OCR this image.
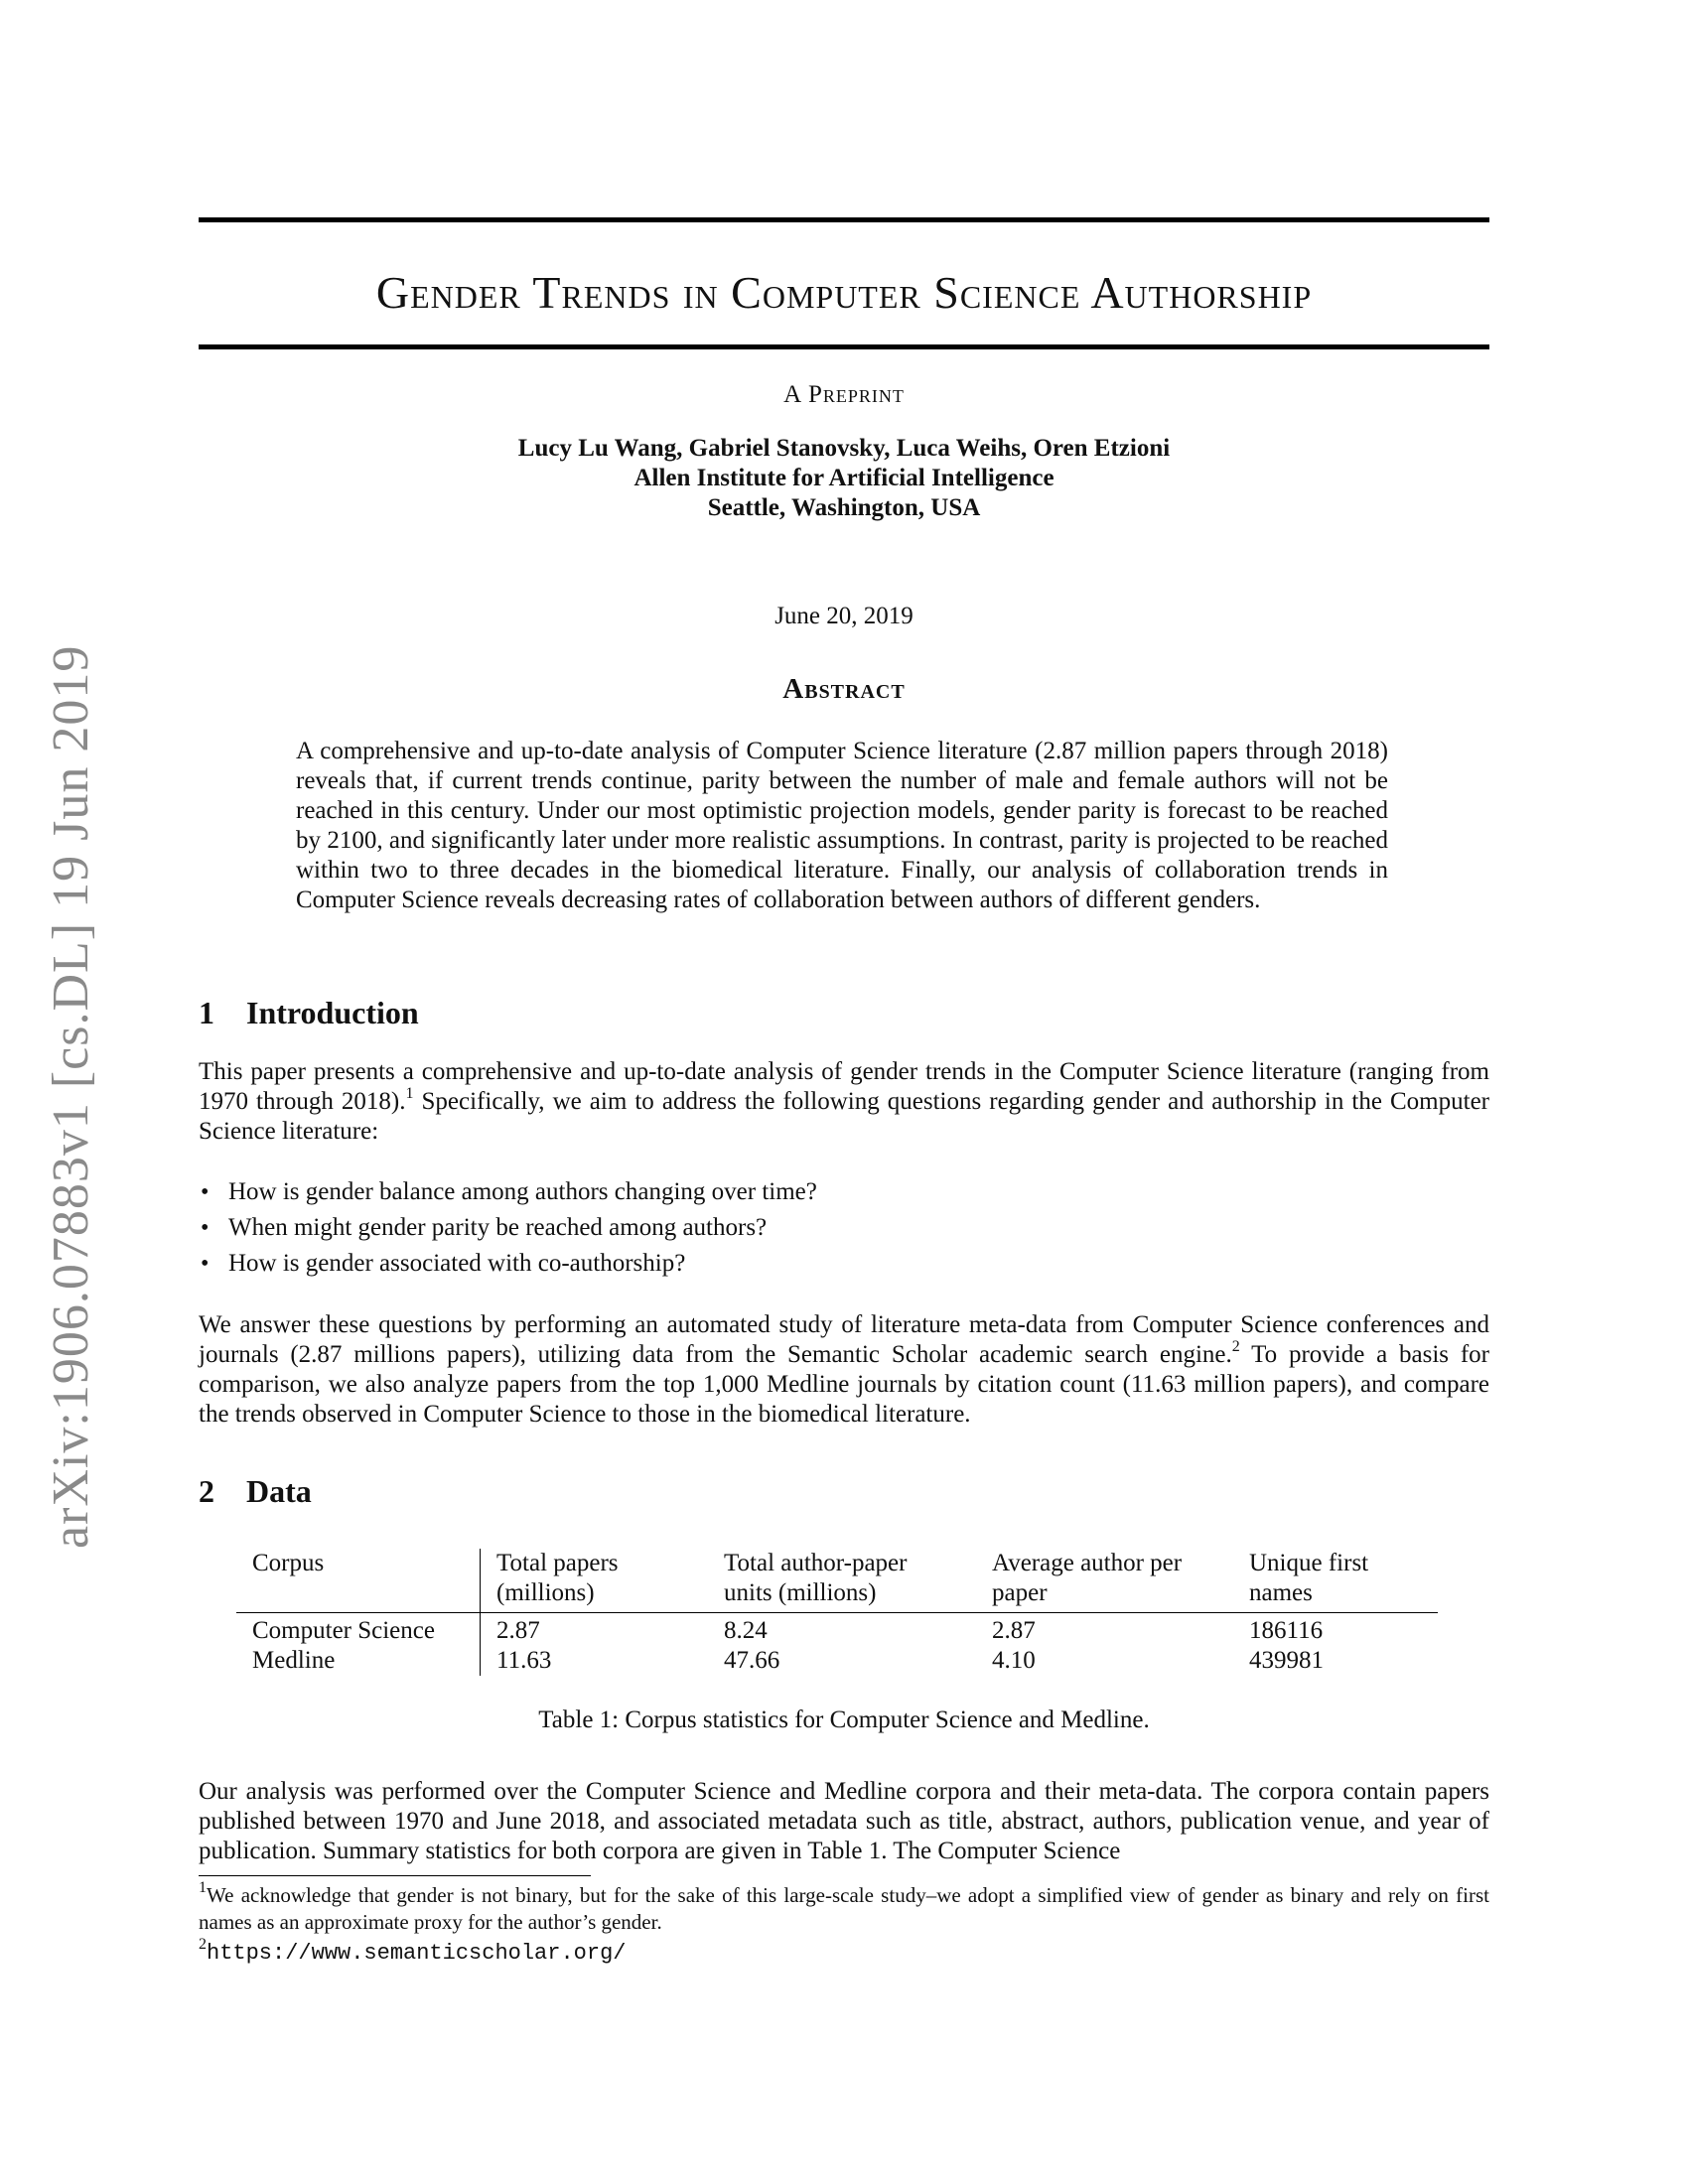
arXiv:1906.07883v1 [cs.DL] 19 Jun 2019
Gender Trends in Computer Science Authorship
A Preprint
Lucy Lu Wang, Gabriel Stanovsky, Luca Weihs, Oren Etzioni
Allen Institute for Artificial Intelligence
Seattle, Washington, USA
June 20, 2019
Abstract
A comprehensive and up-to-date analysis of Computer Science literature (2.87 million papers through 2018) reveals that, if current trends continue, parity between the number of male and female authors will not be reached in this century. Under our most optimistic projection models, gender parity is forecast to be reached by 2100, and significantly later under more realistic assumptions. In contrast, parity is projected to be reached within two to three decades in the biomedical literature. Finally, our analysis of collaboration trends in Computer Science reveals decreasing rates of collaboration between authors of different genders.
1 Introduction
This paper presents a comprehensive and up-to-date analysis of gender trends in the Computer Science literature (ranging from 1970 through 2018).$^1$ Specifically, we aim to address the following questions regarding gender and authorship in the Computer Science literature:
• How is gender balance among authors changing over time?
• When might gender parity be reached among authors?
• How is gender associated with co-authorship?
We answer these questions by performing an automated study of literature meta-data from Computer Science conferences and journals (2.87 millions papers), utilizing data from the Semantic Scholar academic search engine.$^2$ To provide a basis for comparison, we also analyze papers from the top 1,000 Medline journals by citation count (11.63 million papers), and compare the trends observed in Computer Science to those in the biomedical literature.
2 Data
Corpus	Total papers (millions)	Total author-paper units (millions)	Average author per paper	Unique first names
Computer Science	2.87	8.24	2.87	186116
Medline	11.63	47.66	4.10	439981
Table 1: Corpus statistics for Computer Science and Medline.
Our analysis was performed over the Computer Science and Medline corpora and their meta-data. The corpora contain papers published between 1970 and June 2018, and associated metadata such as title, abstract, authors, publication venue, and year of publication. Summary statistics for both corpora are given in Table 1. The Computer Science
$^1$We acknowledge that gender is not binary, but for the sake of this large-scale study–we adopt a simplified view of gender as binary and rely on first names as an approximate proxy for the author’s gender.
$^2$https://www.semanticscholar.org/
